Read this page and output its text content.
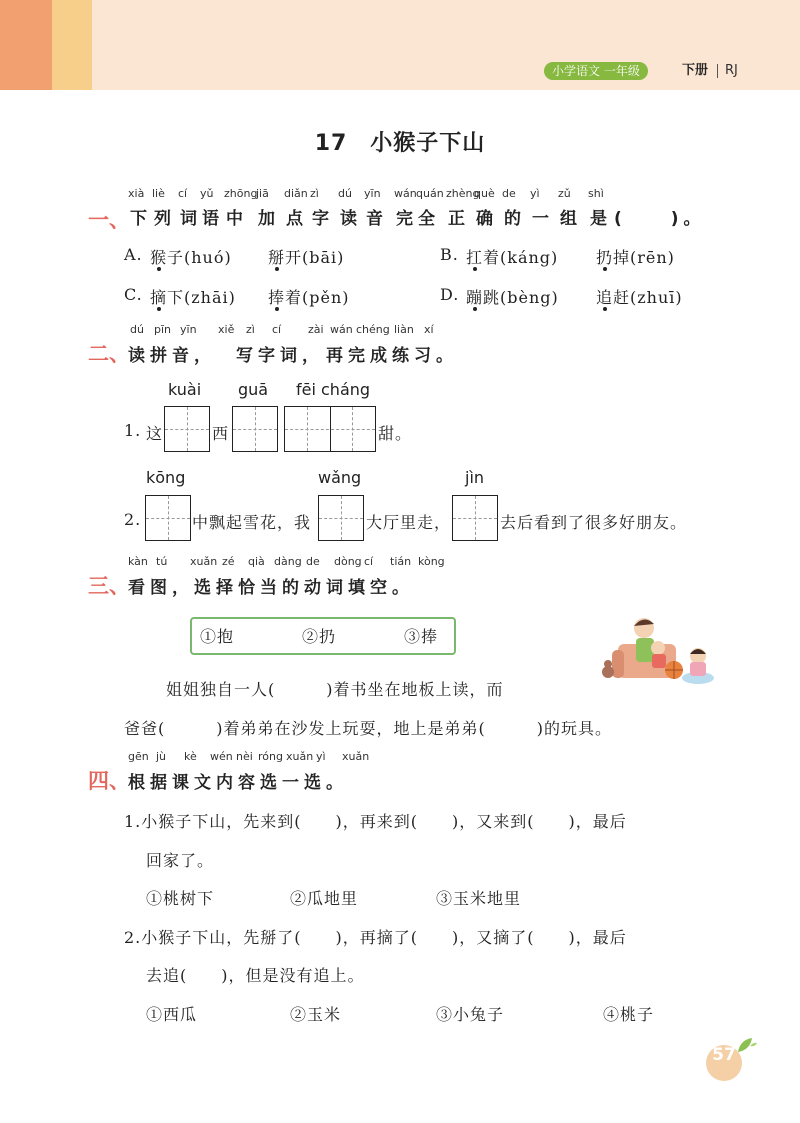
小学语文 一年级	下册 RJ
17　小猴子下山
xià liè cí yǔ zhōng
jiā diǎn zì dú yīn wán quán zhèng
què de yì zǔ shì
一、 下 列 词 语 中 加 点 字 读 音 完 全 正 确 的 一 组 是 (　　)。
A. 猴子(huó) 掰开(bāi)	B. 扛着(káng) 扔掉(rēn)
C. 摘下(zhāi) 捧着(pěn)	D. 蹦跳(bèng) 追赶(zhuī)
dú pīn yīn xiě zì cí zài wán chéng liàn xí
二、
读拼音， 写字词， 再完成练习。
kuài guā fēi cháng
1. 这	西	甜。
kōng	wǎng	jìn
2.	中飘起雪花，我	大厅里走，	去后看到了很多好朋友。
kàn tú xuǎn zé qià dàng de dòng cí tián kòng
三、
看图，选择恰当的动词填空。
①抱	②扔	③捧
姐姐独自一人(　　　)着书坐在地板上读，而
爸爸(　　　)着弟弟在沙发上玩耍，地上是弟弟(　　　)的玩具。
gēn jù kè wén nèi róng xuǎn yì xuǎn
四、
根据课文内容选一选。
1.小猴子下山，先来到(　　)，再来到(　　)，又来到(　　)，最后
回家了。
①桃树下	②瓜地里	③玉米地里
2.小猴子下山，先掰了(　　)，再摘了(　　)，又摘了(　　)，最后
去追(　　)，但是没有追上。
①西瓜	②玉米	③小兔子	④桃子
57
